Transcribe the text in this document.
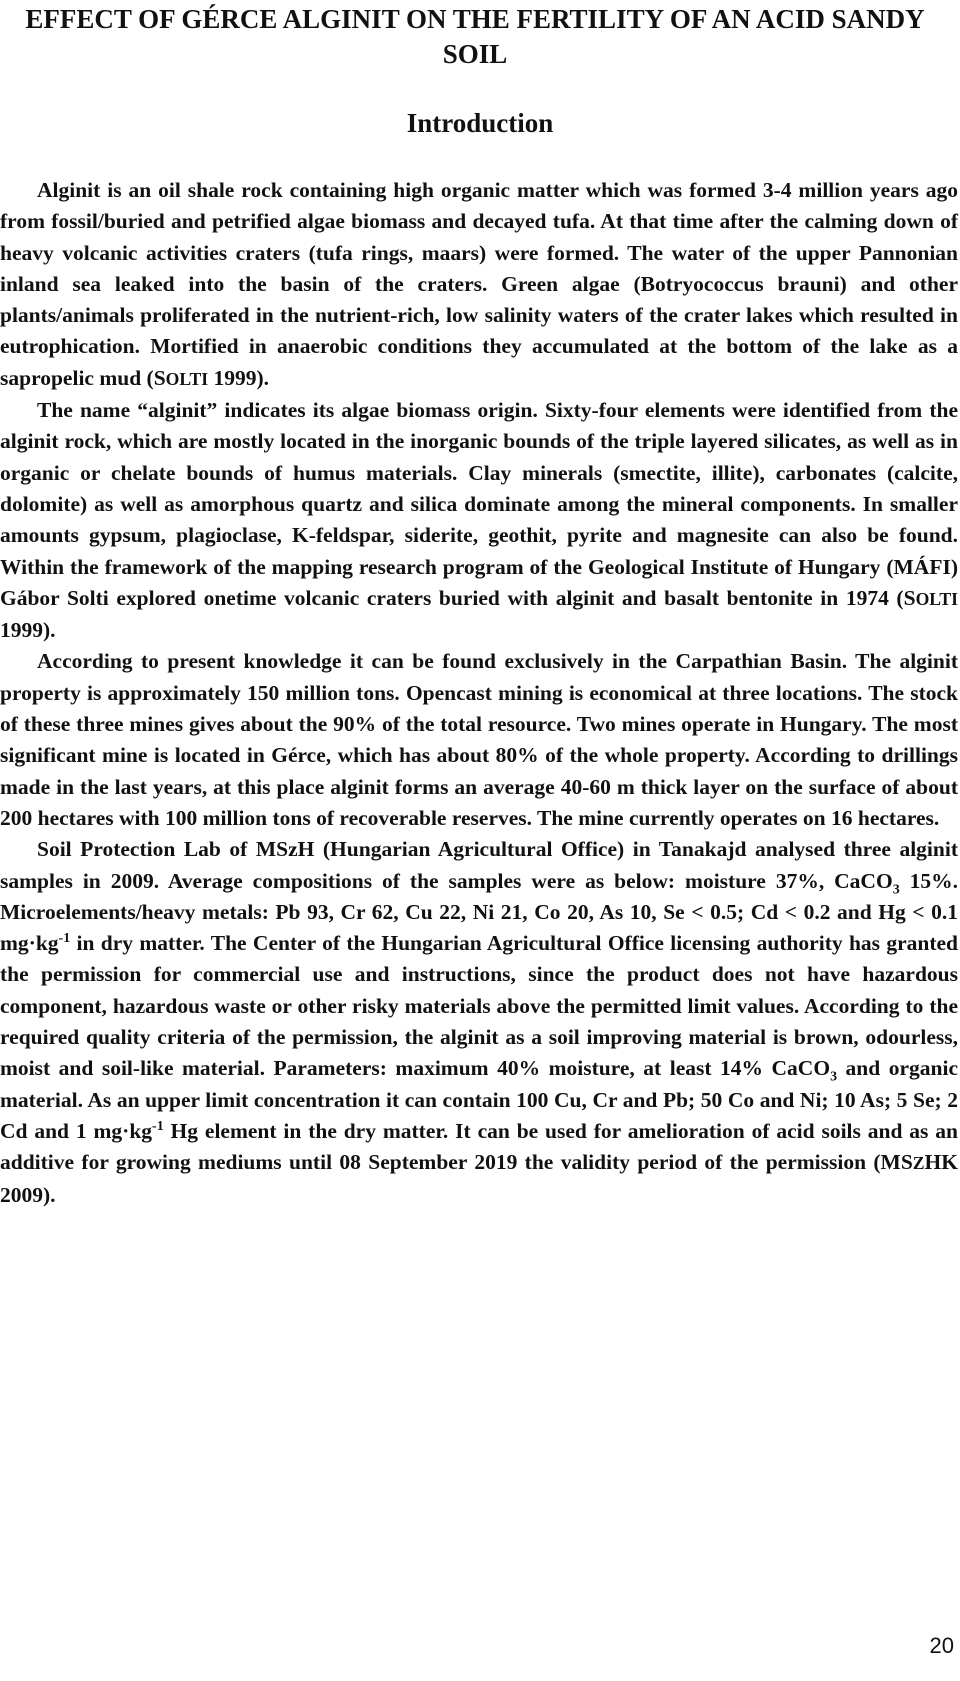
EFFECT OF GÉRCE ALGINIT ON THE FERTILITY OF AN ACID SANDY SOIL
Introduction

Alginit is an oil shale rock containing high organic matter which was formed 3-4 million years ago from fossil/buried and petrified algae biomass and decayed tufa. At that time after the calming down of heavy volcanic activities craters (tufa rings, maars) were formed. The water of the upper Pannonian inland sea leaked into the basin of the craters. Green algae (Botryococcus brauni) and other plants/animals proliferated in the nutrient-rich, low salinity waters of the crater lakes which resulted in eutrophication. Mortified in anaerobic conditions they accumulated at the bottom of the lake as a sapropelic mud (SOLTI 1999).

The name “alginit” indicates its algae biomass origin. Sixty-four elements were identified from the alginit rock, which are mostly located in the inorganic bounds of the triple layered silicates, as well as in organic or chelate bounds of humus materials. Clay minerals (smectite, illite), carbonates (calcite, dolomite) as well as amorphous quartz and silica dominate among the mineral components. In smaller amounts gypsum, plagioclase, K-feldspar, siderite, geothit, pyrite and magnesite can also be found. Within the framework of the mapping research program of the Geological Institute of Hungary (MÁFI) Gábor Solti explored onetime volcanic craters buried with alginit and basalt bentonite in 1974 (SOLTI 1999).

According to present knowledge it can be found exclusively in the Carpathian Basin. The alginit property is approximately 150 million tons. Opencast mining is economical at three locations. The stock of these three mines gives about the 90% of the total resource. Two mines operate in Hungary. The most significant mine is located in Gérce, which has about 80% of the whole property. According to drillings made in the last years, at this place alginit forms an average 40-60 m thick layer on the surface of about 200 hectares with 100 million tons of recoverable reserves. The mine currently operates on 16 hectares.

Soil Protection Lab of MSzH (Hungarian Agricultural Office) in Tanakajd analysed three alginit samples in 2009. Average compositions of the samples were as below: moisture 37%, CaCO$_3$ 15%. Microelements/heavy metals: Pb 93, Cr 62, Cu 22, Ni 21, Co 20, As 10, Se < 0.5; Cd < 0.2 and Hg < 0.1 $mg\cdot kg^{-1}$ in dry matter. The Center of the Hungarian Agricultural Office licensing authority has granted the permission for commercial use and instructions, since the product does not have hazardous component, hazardous waste or other risky materials above the permitted limit values. According to the required quality criteria of the permission, the alginit as a soil improving material is brown, odourless, moist and soil-like material. Parameters: maximum 40% moisture, at least 14% CaCO$_3$ and organic material. As an upper limit concentration it can contain 100 Cu, Cr and Pb; 50 Co and Ni; 10 As; 5 Se; 2 Cd and 1 $mg\cdot kg^{-1}$ Hg element in the dry matter. It can be used for amelioration of acid soils and as an additive for growing mediums until 08 September 2019 the validity period of the permission (MSZHK 2009).

20
